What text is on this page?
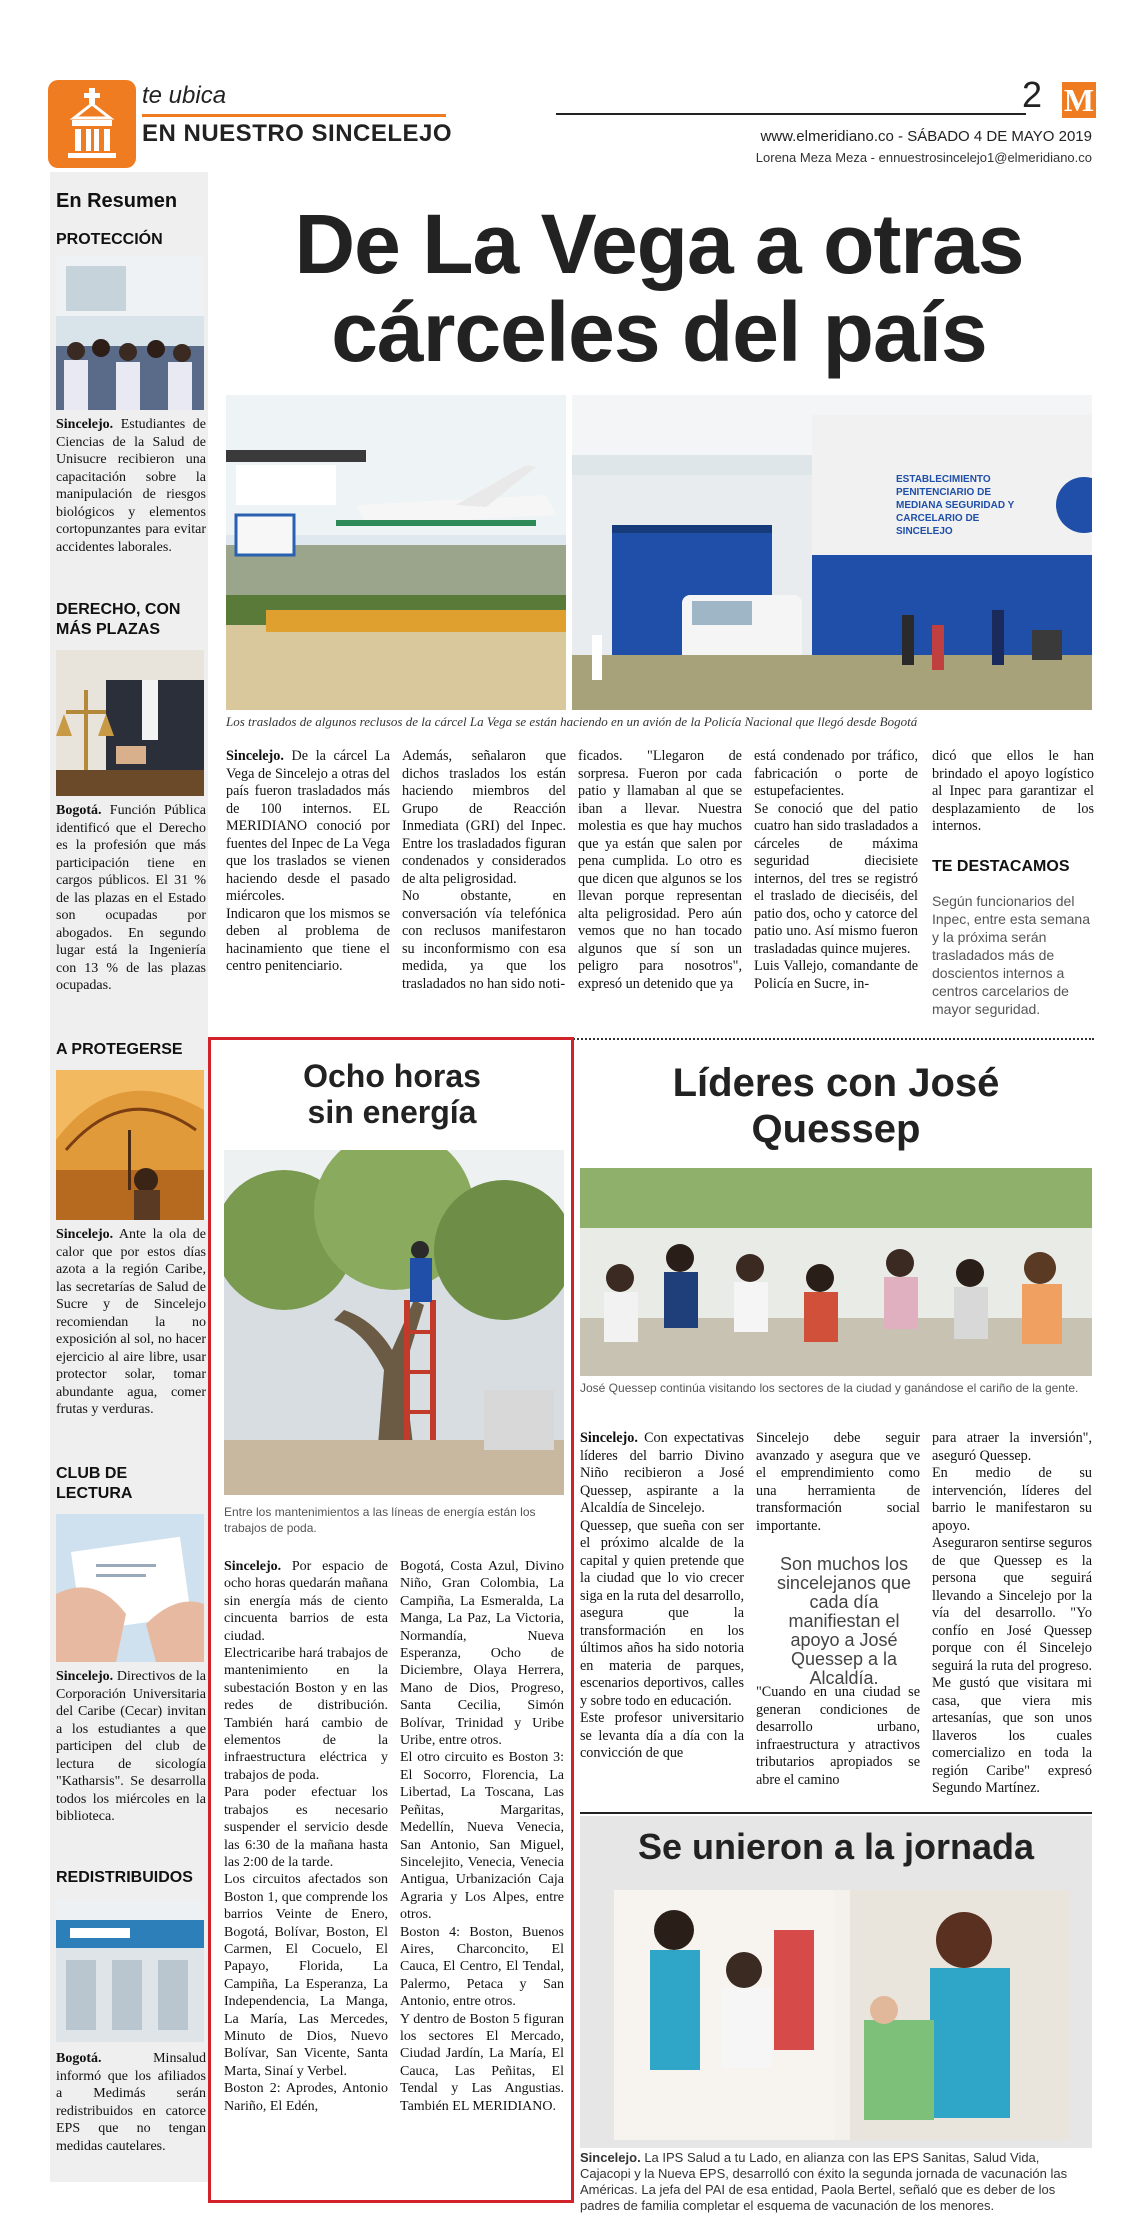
te ubica
EN NUESTRO SINCELEJO
2 M
www.elmeridiano.co - SÁBADO 4 DE MAYO 2019
Lorena Meza Meza - ennuestrosincelejo1@elmeridiano.co
En Resumen
PROTECCIÓN
Sincelejo. Estudiantes de Ciencias de la Salud de Unisucre recibieron una capacitación sobre la manipulación de riesgos biológicos y elementos cortopunzantes para evitar accidentes laborales.
DERECHO, CON MÁS PLAZAS
Bogotá. Función Pública identificó que el Derecho es la profesión que más participación tiene en cargos públicos. El 31 % de las plazas en el Estado son ocupadas por abogados. En segundo lugar está la Ingeniería con 13 % de las plazas ocupadas.
A PROTEGERSE
Sincelejo. Ante la ola de calor que por estos días azota a la región Caribe, las secretarías de Salud de Sucre y de Sincelejo recomiendan la no exposición al sol, no hacer ejercicio al aire libre, usar protector solar, tomar abundante agua, comer frutas y verduras.
CLUB DE LECTURA
Sincelejo. Directivos de la Corporación Universitaria del Caribe (Cecar) invitan a los estudiantes a que participen del club de lectura de sicología "Katharsis". Se desarrolla todos los miércoles en la biblioteca.
REDISTRIBUIDOS
Bogotá. Minsalud informó que los afiliados a Medimás serán redistribuidos en catorce EPS que no tengan medidas cautelares.
De La Vega a otras
cárceles del país
ESTABLECIMIENTO PENITENCIARIO DE MEDIANA SEGURIDAD Y CARCELARIO DE SINCELEJO
Los traslados de algunos reclusos de la cárcel La Vega se están haciendo en un avión de la Policía Nacional que llegó desde Bogotá
Sincelejo. De la cárcel La Vega de Sincelejo a otras del país fueron trasladados más de 100 internos. EL MERIDIANO conoció por fuentes del Inpec de La Vega que los traslados se vienen haciendo desde el pasado miércoles.
Indicaron que los mismos se deben al problema de hacinamiento que tiene el centro penitenciario.
Además, señalaron que dichos traslados los están haciendo miembros del Grupo de Reacción Inmediata (GRI) del Inpec. Entre los trasladados figuran condenados y considerados de alta peligrosidad.
No obstante, en conversación vía telefónica con reclusos manifestaron su inconformismo con esa medida, ya que los trasladados no han sido noti-
ficados. "Llegaron de sorpresa. Fueron por cada patio y llamaban al que se iban a llevar. Nuestra molestia es que hay muchos que ya están que salen por pena cumplida. Lo otro es que dicen que algunos se los llevan porque representan alta peligrosidad. Pero aún vemos que no han tocado algunos que sí son un peligro para nosotros", expresó un detenido que ya
está condenado por tráfico, fabricación o porte de estupefacientes.
Se conoció que del patio cuatro han sido trasladados a cárceles de máxima seguridad diecisiete internos, del tres se registró el traslado de dieciséis, del patio dos, ocho y catorce del patio uno. Así mismo fueron trasladadas quince mujeres.
Luis Vallejo, comandante de Policía en Sucre, in-
dicó que ellos le han brindado el apoyo logístico al Inpec para garantizar el desplazamiento de los internos.
TE DESTACAMOS
Según funcionarios del Inpec, entre esta semana y la próxima serán trasladados más de doscientos internos a centros carcelarios de mayor seguridad.
Ocho horas
sin energía
Entre los mantenimientos a las líneas de energía están los trabajos de poda.
Sincelejo. Por espacio de ocho horas quedarán mañana sin energía más de ciento cincuenta barrios de esta ciudad.
Electricaribe hará trabajos de mantenimiento en la subestación Boston y en las redes de distribución. También hará cambio de elementos de la infraestructura eléctrica y trabajos de poda.
Para poder efectuar los trabajos es necesario suspender el servicio desde las 6:30 de la mañana hasta las 2:00 de la tarde.
Los circuitos afectados son Boston 1, que comprende los barrios Veinte de Enero, Bogotá, Bolívar, Boston, El Carmen, El Cocuelo, El Papayo, Florida, La Campiña, La Esperanza, La Independencia, La Manga, La María, Las Mercedes, Minuto de Dios, Nuevo Bolívar, San Vicente, Santa Marta, Sinaí y Verbel.
Boston 2: Aprodes, Antonio Nariño, El Edén,
Bogotá, Costa Azul, Divino Niño, Gran Colombia, La Campiña, La Esmeralda, La Manga, La Paz, La Victoria, Normandía, Nueva Esperanza, Ocho de Diciembre, Olaya Herrera, Mano de Dios, Progreso, Santa Cecilia, Simón Bolívar, Trinidad y Uribe Uribe, entre otros.
El otro circuito es Boston 3: El Socorro, Florencia, La Libertad, La Toscana, Las Peñitas, Margaritas, Medellín, Nueva Venecia, San Antonio, San Miguel, Sincelejito, Venecia, Venecia Antigua, Urbanización Caja Agraria y Los Alpes, entre otros.
Boston 4: Boston, Buenos Aires, Charconcito, El Cauca, El Centro, El Tendal, Palermo, Petaca y San Antonio, entre otros.
Y dentro de Boston 5 figuran los sectores El Mercado, Ciudad Jardín, La María, El Cauca, Las Peñitas, El Tendal y Las Angustias. También EL MERIDIANO.
Líderes con José
Quessep
José Quessep continúa visitando los sectores de la ciudad y ganándose el cariño de la gente.
Sincelejo. Con expectativas líderes del barrio Divino Niño recibieron a José Quessep, aspirante a la Alcaldía de Sincelejo.
Quessep, que sueña con ser el próximo alcalde de la capital y quien pretende que la ciudad que lo vio crecer siga en la ruta del desarrollo, asegura que la transformación en los últimos años ha sido notoria en materia de parques, escenarios deportivos, calles y sobre todo en educación.
Este profesor universitario se levanta día a día con la convicción de que
Sincelejo debe seguir avanzado y asegura que ve el emprendimiento como una herramienta de transformación social importante.
Son muchos los sincelejanos que cada día manifiestan el apoyo a José Quessep a la Alcaldía.
"Cuando en una ciudad se generan condiciones de desarrollo urbano, infraestructura y atractivos tributarios apropiados se abre el camino
para atraer la inversión", aseguró Quessep.
En medio de su intervención, líderes del barrio le manifestaron su apoyo.
Aseguraron sentirse seguros de que Quessep es la persona que seguirá llevando a Sincelejo por la vía del desarrollo. "Yo confío en José Quessep porque con él Sincelejo seguirá la ruta del progreso. Me gustó que visitara mi casa, que viera mis artesanías, que son unos llaveros los cuales comercializo en toda la región Caribe" expresó Segundo Martínez.
Se unieron a la jornada
Sincelejo. La IPS Salud a tu Lado, en alianza con las EPS Sanitas, Salud Vida, Cajacopi y la Nueva EPS, desarrolló con éxito la segunda jornada de vacunación las Américas. La jefa del PAI de esa entidad, Paola Bertel, señaló que es deber de los padres de familia completar el esquema de vacunación de los menores.
